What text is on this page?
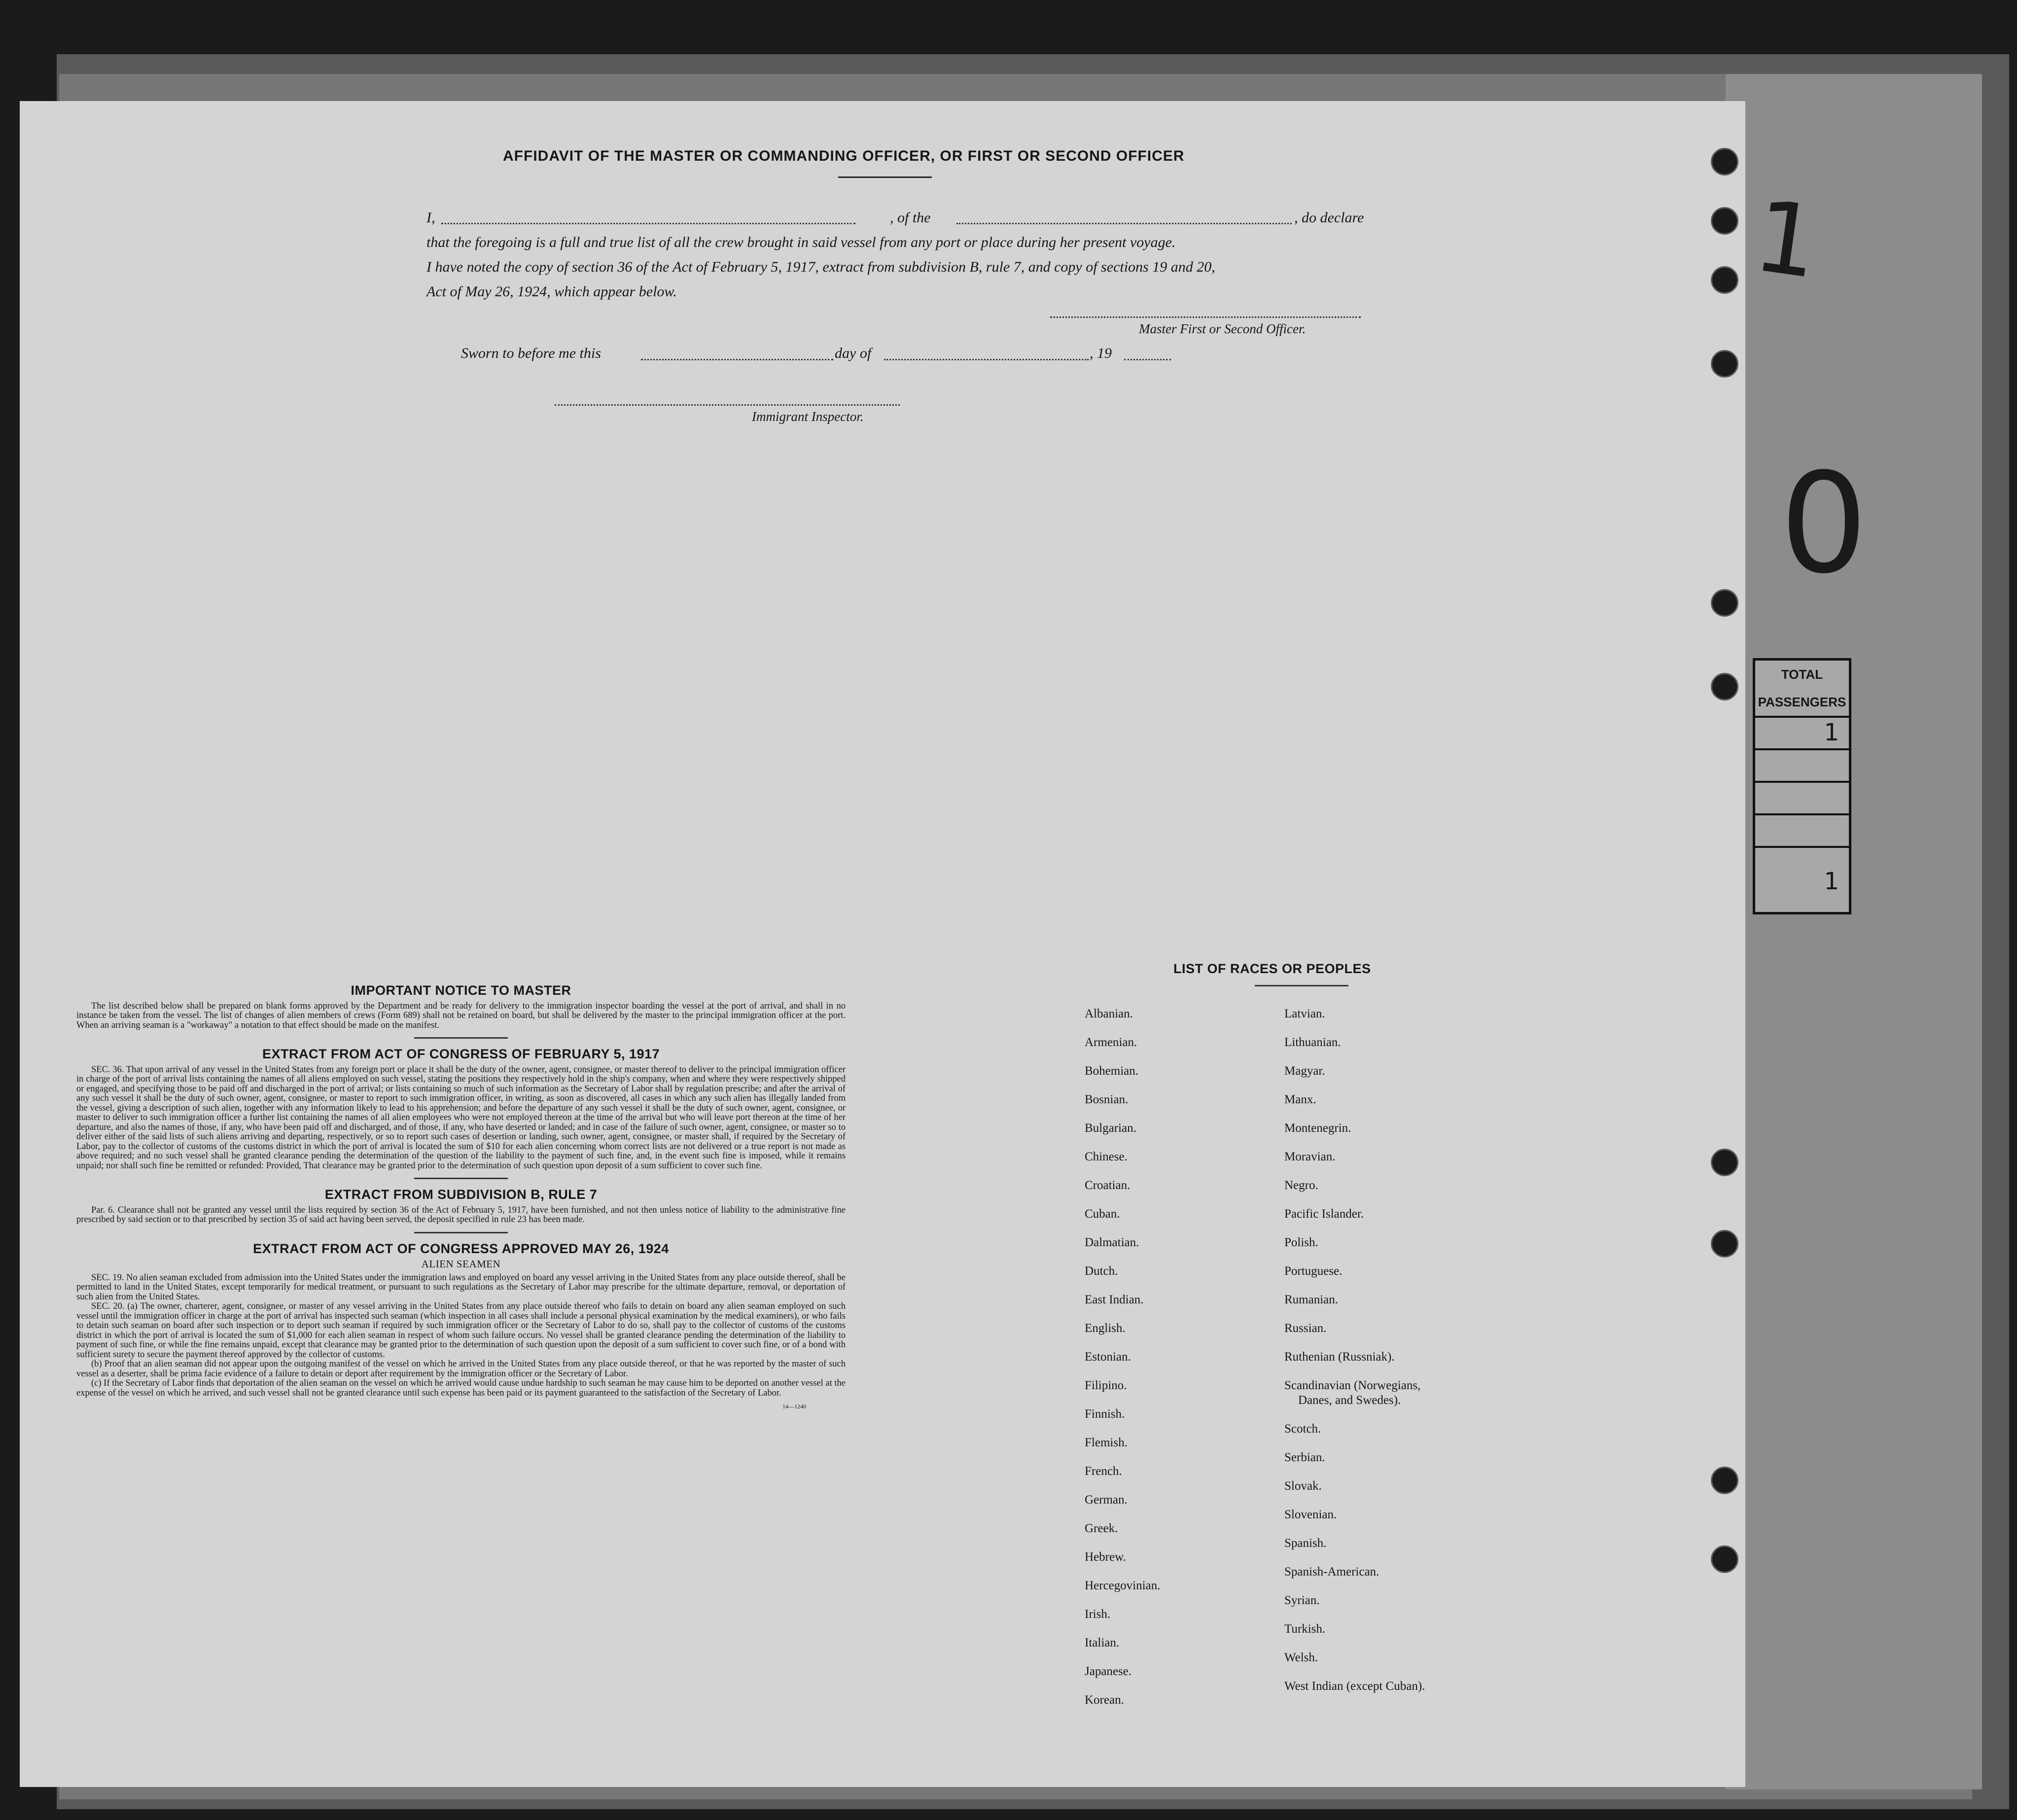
1
0
TOTAL
PASSENGERS
1
1
AFFIDAVIT OF THE MASTER OR COMMANDING OFFICER, OR FIRST OR SECOND OFFICER
I,	, of the	, do declare
that the foregoing is a full and true list of all the crew brought in said vessel from any port or place during her present voyage.
I have noted the copy of section 36 of the Act of February 5, 1917, extract from subdivision B, rule 7, and copy of sections 19 and 20,
Act of May 26, 1924, which appear below.
Master First or Second Officer.
Sworn to before me this	day of	, 19
Immigrant Inspector.
IMPORTANT NOTICE TO MASTER

The list described below shall be prepared on blank forms approved by the Department and be ready for delivery to the immigration inspector boarding the vessel at the port of arrival, and shall in no instance be taken from the vessel. The list of changes of alien members of crews (Form 689) shall not be retained on board, but shall be delivered by the master to the principal immigration officer at the port. When an arriving seaman is a "workaway" a notation to that effect should be made on the manifest.

EXTRACT FROM ACT OF CONGRESS OF FEBRUARY 5, 1917

SEC. 36. That upon arrival of any vessel in the United States from any foreign port or place it shall be the duty of the owner, agent, consignee, or master thereof to deliver to the principal immigration officer in charge of the port of arrival lists containing the names of all aliens employed on such vessel, stating the positions they respectively hold in the ship's company, when and where they were respectively shipped or engaged, and specifying those to be paid off and discharged in the port of arrival; or lists containing so much of such information as the Secretary of Labor shall by regulation prescribe; and after the arrival of any such vessel it shall be the duty of such owner, agent, consignee, or master to report to such immigration officer, in writing, as soon as discovered, all cases in which any such alien has illegally landed from the vessel, giving a description of such alien, together with any information likely to lead to his apprehension; and before the departure of any such vessel it shall be the duty of such owner, agent, consignee, or master to deliver to such immigration officer a further list containing the names of all alien employees who were not employed thereon at the time of the arrival but who will leave port thereon at the time of her departure, and also the names of those, if any, who have been paid off and discharged, and of those, if any, who have deserted or landed; and in case of the failure of such owner, agent, consignee, or master so to deliver either of the said lists of such aliens arriving and departing, respectively, or so to report such cases of desertion or landing, such owner, agent, consignee, or master shall, if required by the Secretary of Labor, pay to the collector of customs of the customs district in which the port of arrival is located the sum of $10 for each alien concerning whom correct lists are not delivered or a true report is not made as above required; and no such vessel shall be granted clearance pending the determination of the question of the liability to the payment of such fine, and, in the event such fine is imposed, while it remains unpaid; nor shall such fine be remitted or refunded: Provided, That clearance may be granted prior to the determination of such question upon deposit of a sum sufficient to cover such fine.

EXTRACT FROM SUBDIVISION B, RULE 7

Par. 6. Clearance shall not be granted any vessel until the lists required by section 36 of the Act of February 5, 1917, have been furnished, and not then unless notice of liability to the administrative fine prescribed by said section or to that prescribed by section 35 of said act having been served, the deposit specified in rule 23 has been made.

EXTRACT FROM ACT OF CONGRESS APPROVED MAY 26, 1924
ALIEN SEAMEN

SEC. 19. No alien seaman excluded from admission into the United States under the immigration laws and employed on board any vessel arriving in the United States from any place outside thereof, shall be permitted to land in the United States, except temporarily for medical treatment, or pursuant to such regulations as the Secretary of Labor may prescribe for the ultimate departure, removal, or deportation of such alien from the United States.

SEC. 20. (a) The owner, charterer, agent, consignee, or master of any vessel arriving in the United States from any place outside thereof who fails to detain on board any alien seaman employed on such vessel until the immigration officer in charge at the port of arrival has inspected such seaman (which inspection in all cases shall include a personal physical examination by the medical examiners), or who fails to detain such seaman on board after such inspection or to deport such seaman if required by such immigration officer or the Secretary of Labor to do so, shall pay to the collector of customs of the customs district in which the port of arrival is located the sum of $1,000 for each alien seaman in respect of whom such failure occurs. No vessel shall be granted clearance pending the determination of the liability to payment of such fine, or while the fine remains unpaid, except that clearance may be granted prior to the determination of such question upon the deposit of a sum sufficient to cover such fine, or of a bond with sufficient surety to secure the payment thereof approved by the collector of customs.

(b) Proof that an alien seaman did not appear upon the outgoing manifest of the vessel on which he arrived in the United States from any place outside thereof, or that he was reported by the master of such vessel as a deserter, shall be prima facie evidence of a failure to detain or deport after requirement by the immigration officer or the Secretary of Labor.

(c) If the Secretary of Labor finds that deportation of the alien seaman on the vessel on which he arrived would cause undue hardship to such seaman he may cause him to be deported on another vessel at the expense of the vessel on which he arrived, and such vessel shall not be granted clearance until such expense has been paid or its payment guaranteed to the satisfaction of the Secretary of Labor.

14—1240
LIST OF RACES OR PEOPLES
Albanian.
Armenian.
Bohemian.
Bosnian.
Bulgarian.
Chinese.
Croatian.
Cuban.
Dalmatian.
Dutch.
East Indian.
English.
Estonian.
Filipino.
Finnish.
Flemish.
French.
German.
Greek.
Hebrew.
Hercegovinian.
Irish.
Italian.
Japanese.
Korean.
Latvian.
Lithuanian.
Magyar.
Manx.
Montenegrin.
Moravian.
Negro.
Pacific Islander.
Polish.
Portuguese.
Rumanian.
Russian.
Ruthenian (Russniak).
Scandinavian (Norwegians,
Danes, and Swedes).
Scotch.
Serbian.
Slovak.
Slovenian.
Spanish.
Spanish-American.
Syrian.
Turkish.
Welsh.
West Indian (except Cuban).
